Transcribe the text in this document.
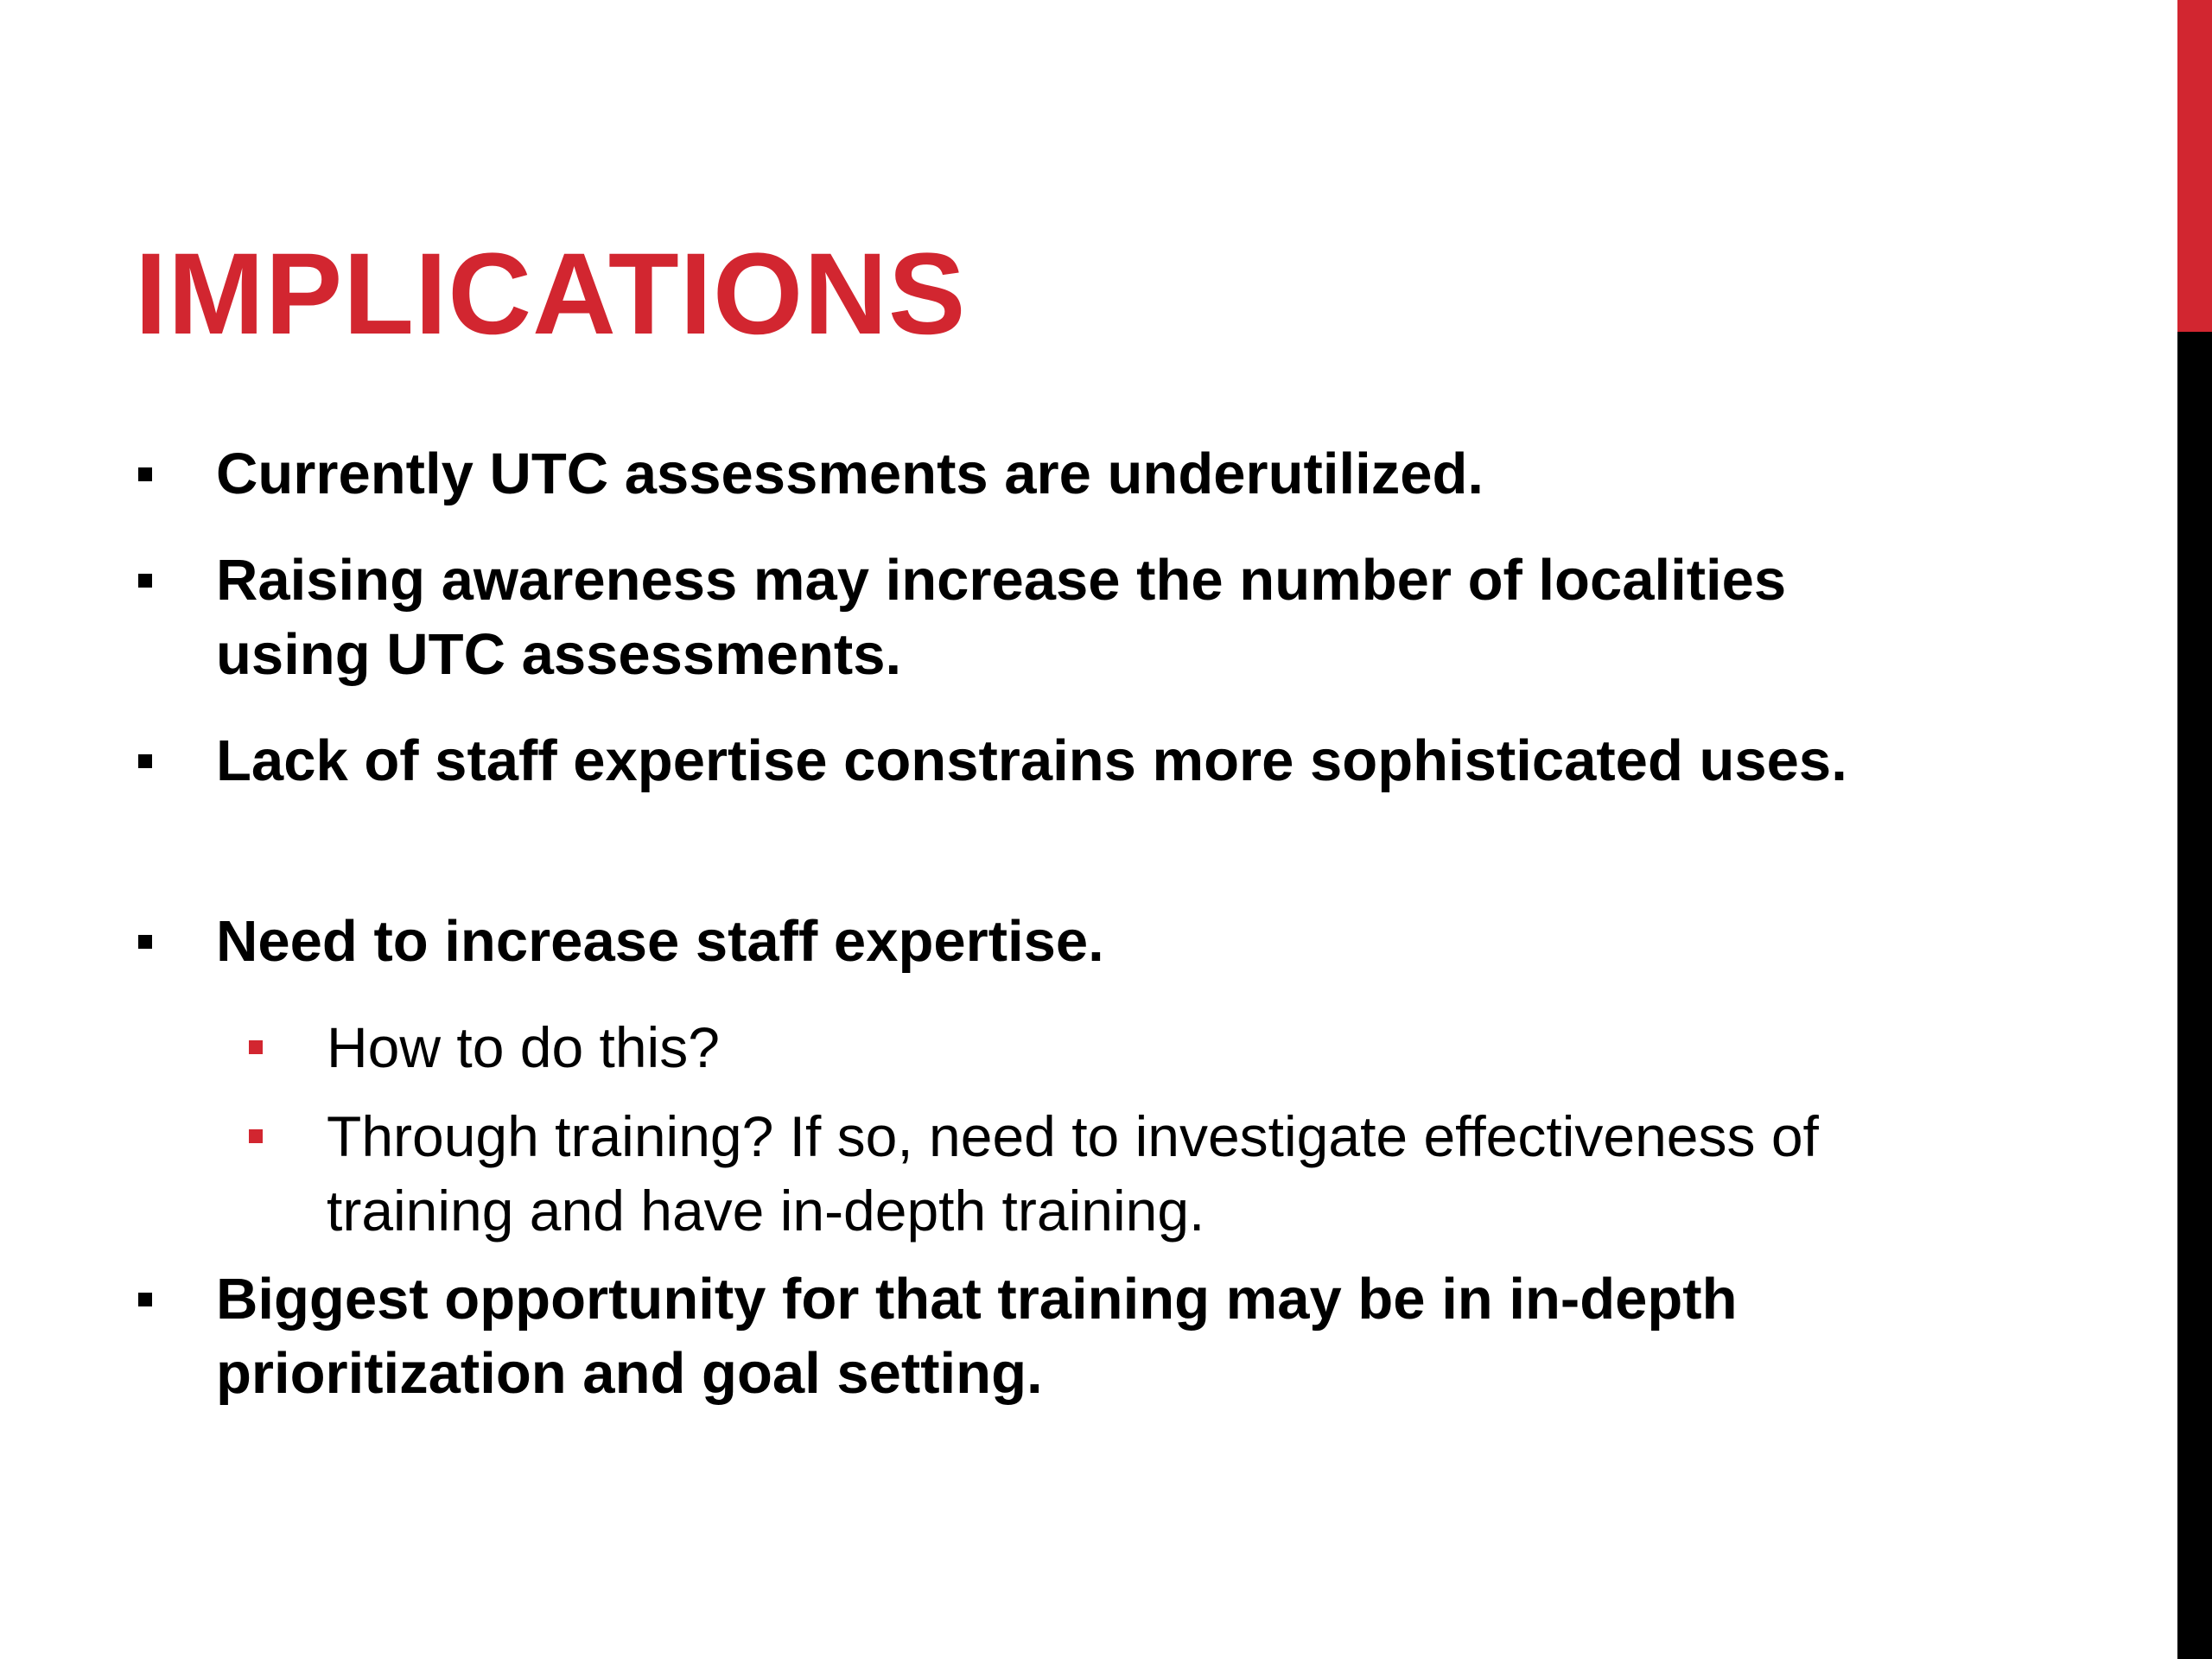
IMPLICATIONS
Currently UTC assessments are underutilized.
Raising awareness may increase the number of localities using UTC assessments.
Lack of staff expertise constrains more sophisticated uses.
Need to increase staff expertise.
How to do this?
Through training? If so, need to investigate effectiveness of training and have in-depth training.
Biggest opportunity for that training may be in in-depth prioritization and goal setting.
